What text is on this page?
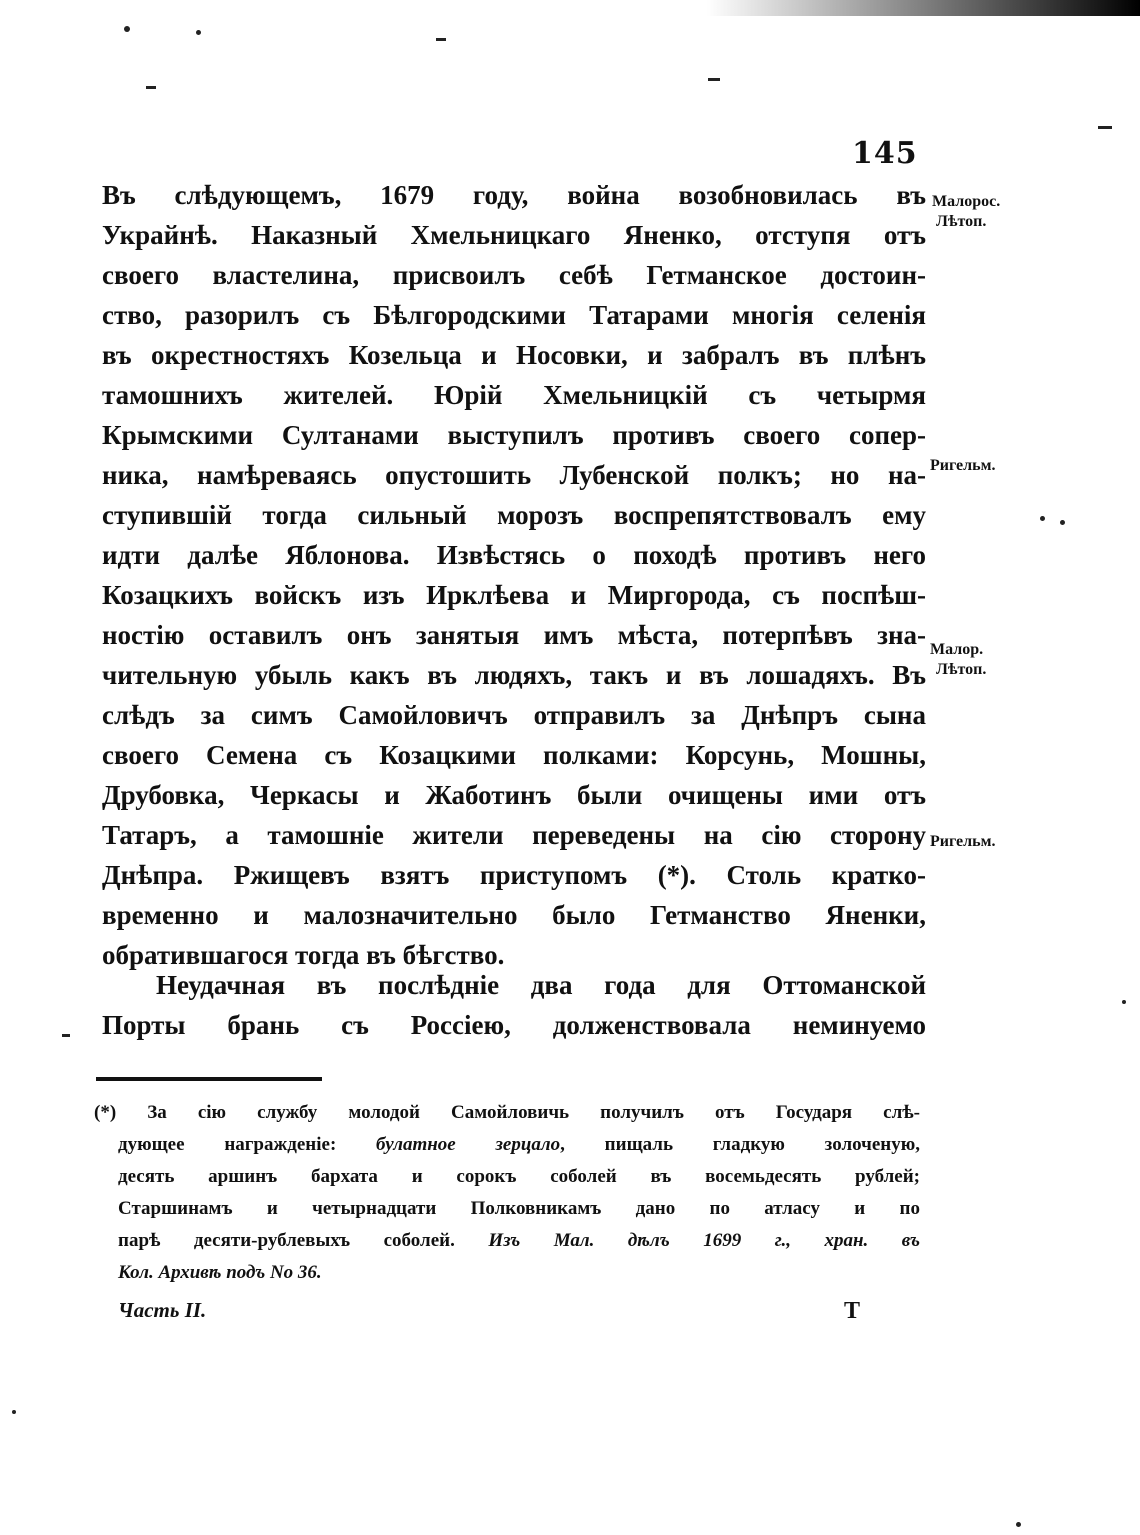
145
Въ слѣдующемъ, 1679 году, война возобновилась въ
Украйнѣ. Наказный Хмельницкаго Яненко, отступя отъ
своего властелина, присвоилъ себѣ Гетманское достоин-
ство, разорилъ съ Бѣлгородскими Татарами многія селенія
въ окрестностяхъ Козельца и Носовки, и забралъ въ плѣнъ
тамошнихъ жителей. Юрій Хмельницкій съ четырмя
Крымскими Султанами выступилъ противъ своего сопер-
ника, намѣреваясь опустошить Лубенской полкъ; но на-
ступившій тогда сильный морозъ воспрепятствовалъ ему
идти далѣе Яблонова. Извѣстясь о походѣ противъ него
Козацкихъ войскъ изъ Ирклѣева и Миргорода, съ поспѣш-
ностію оставилъ онъ занятыя имъ мѣста, потерпѣвъ зна-
чительную убыль какъ въ людяхъ, такъ и въ лошадяхъ. Въ
слѣдъ за симъ Самойловичъ отправилъ за Днѣпръ сына
своего Семена съ Козацкими полками: Корсунь, Мошны,
Друбовка, Черкасы и Жаботинъ были очищены ими отъ
Татаръ, а тамошніе жители переведены на сію сторону
Днѣпра. Ржищевъ взятъ приступомъ (*). Столь кратко-
временно и малозначительно было Гетманство Яненки,
обратившагося тогда въ бѣгство.
Малорос.
Лѣтоп.
Ригельм.
Малор.
Лѣтоп.
Ригельм.
Неудачная въ послѣдніе два года для Оттоманской
Порты брань съ Россіею, долженствовала неминуемо
(*) За сію службу молодой Самойловичь получилъ отъ Государя слѣ-
дующее награжденіе: булатное зерцало, пищаль гладкую золоченую,
десять аршинъ бархата и сорокъ соболей въ восемьдесять рублей;
Старшинамъ и четырнадцати Полковникамъ дано по атласу и по
парѣ десяти-рублевыхъ соболей. Изъ Мал. дѣлъ 1699 г., хран. въ
Кол. Архивѣ подъ No 36.
Часть II.	Т
